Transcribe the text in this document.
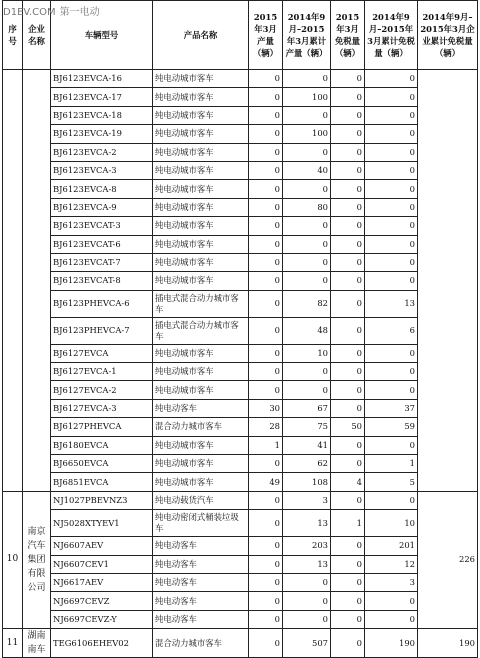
D1EV.COM 第一电动
序号	企业名称	车辆型号	产品名称	2015年3月产量（辆）	2014年9月–2015年3月累计产量（辆）	2015年3月免税量（辆）	2014年9月–2015年3月累计免税量（辆）	2014年9月–2015年3月企业累计免税量（辆）
		BJ6123EVCA-16	纯电动城市客车	0	0	0	0	
		BJ6123EVCA-17	纯电动城市客车	0	100	0	0	
		BJ6123EVCA-18	纯电动城市客车	0	0	0	0	
		BJ6123EVCA-19	纯电动城市客车	0	100	0	0	
		BJ6123EVCA-2	纯电动城市客车	0	0	0	0	
		BJ6123EVCA-3	纯电动城市客车	0	40	0	0	
		BJ6123EVCA-8	纯电动城市客车	0	0	0	0	
		BJ6123EVCA-9	纯电动城市客车	0	80	0	0	
		BJ6123EVCAT-3	纯电动城市客车	0	0	0	0	
		BJ6123EVCAT-6	纯电动城市客车	0	0	0	0	
		BJ6123EVCAT-7	纯电动城市客车	0	0	0	0	
		BJ6123EVCAT-8	纯电动城市客车	0	0	0	0	
		BJ6123PHEVCA-6	插电式混合动力城市客车	0	82	0	13	
		BJ6123PHEVCA-7	插电式混合动力城市客车	0	48	0	6	
		BJ6127EVCA	纯电动城市客车	0	10	0	0	
		BJ6127EVCA-1	纯电动城市客车	0	0	0	0	
		BJ6127EVCA-2	纯电动城市客车	0	0	0	0	
		BJ6127EVCA-3	纯电动客车	30	67	0	37	
		BJ6127PHEVCA	混合动力城市客车	28	75	50	59	
		BJ6180EVCA	纯电动城市客车	1	41	0	0	
		BJ6650EVCA	纯电动城市客车	0	62	0	1	
		BJ6851EVCA	纯电动城市客车	49	108	4	5	
10	南京汽车集团有限公司	NJ1027PBEVNZ3	纯电动载货汽车	0	3	0	0	226
		NJ5028XTYEV1	纯电动密闭式桶装垃圾车	0	13	1	10	
		NJ6607AEV	纯电动客车	0	203	0	201	
		NJ6607CEV1	纯电动客车	0	13	0	12	
		NJ6617AEV	纯电动客车	0	0	0	3	
		NJ6697CEVZ	纯电动客车	0	0	0	0	
		NJ6697CEVZ-Y	纯电动客车	0	0	0	0	
11	湖南南车	TEG6106EHEV02	混合动力城市客车	0	507	0	190	190
